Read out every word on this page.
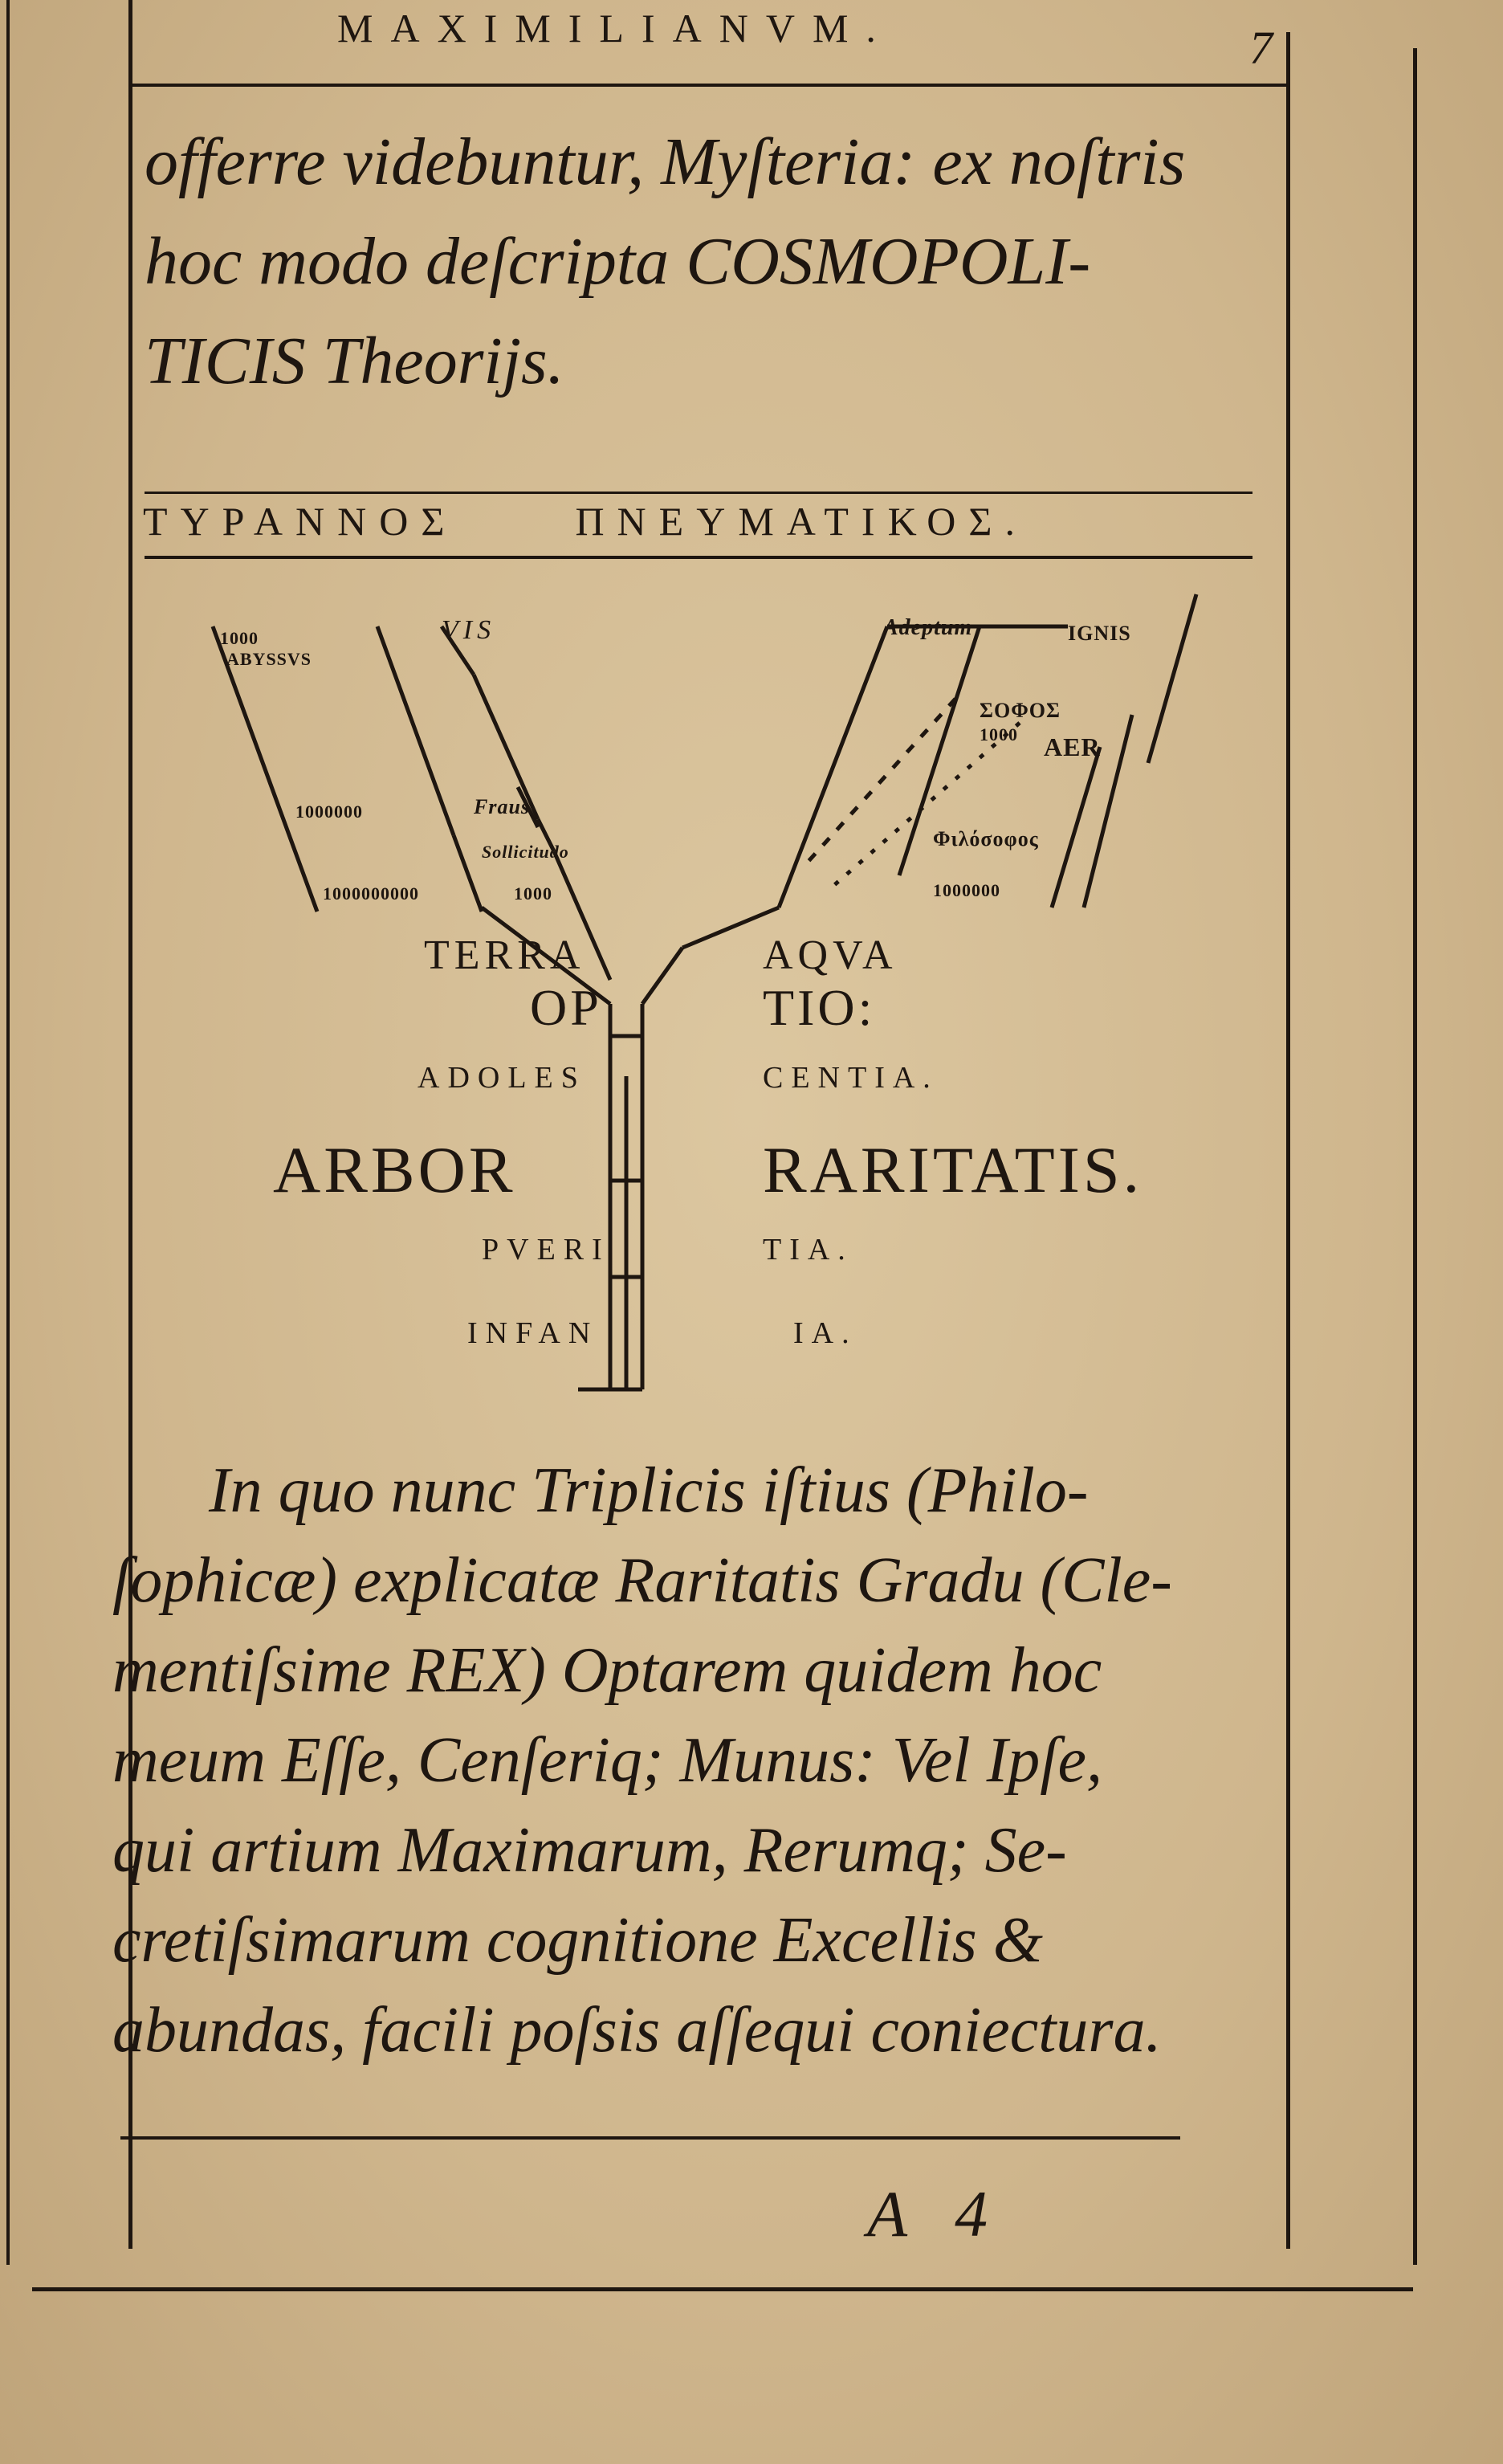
MAXIMILIANVM.	7
offerre videbuntur, Myſteria: ex noſtris
hoc modo deſcripta COSMOPOLI-
TICIS Theorijs.
ΤΥΡΑΝΝΟΣ	ΠΝΕΥΜΑΤΙΚΟΣ.
1000
ABYSSVS
VIS
1000000	Fraus
Sollicitudo
1000000000	1000
Adeptum	IGNIS
ΣΟΦΟΣ
1000 AER
Φιλόσοφος
1000000
TERRA
OP
ADOLES
ARBOR
PVERI
INFAN
AQVA
TIO:
CENTIA.
RARITATIS.
TIA.
IA.
In quo nunc Triplicis iſtius (Philo-
ſophicæ) explicatæ Raritatis Gradu (Cle-
mentiſsime REX) Optarem quidem hoc
meum Eſſe, Cenſeriq; Munus: Vel Ipſe,
qui artium Maximarum, Rerumq; Se-
cretiſsimarum cognitione Excellis &
abundas, facili poſsis aſſequi coniectura.
A 4
